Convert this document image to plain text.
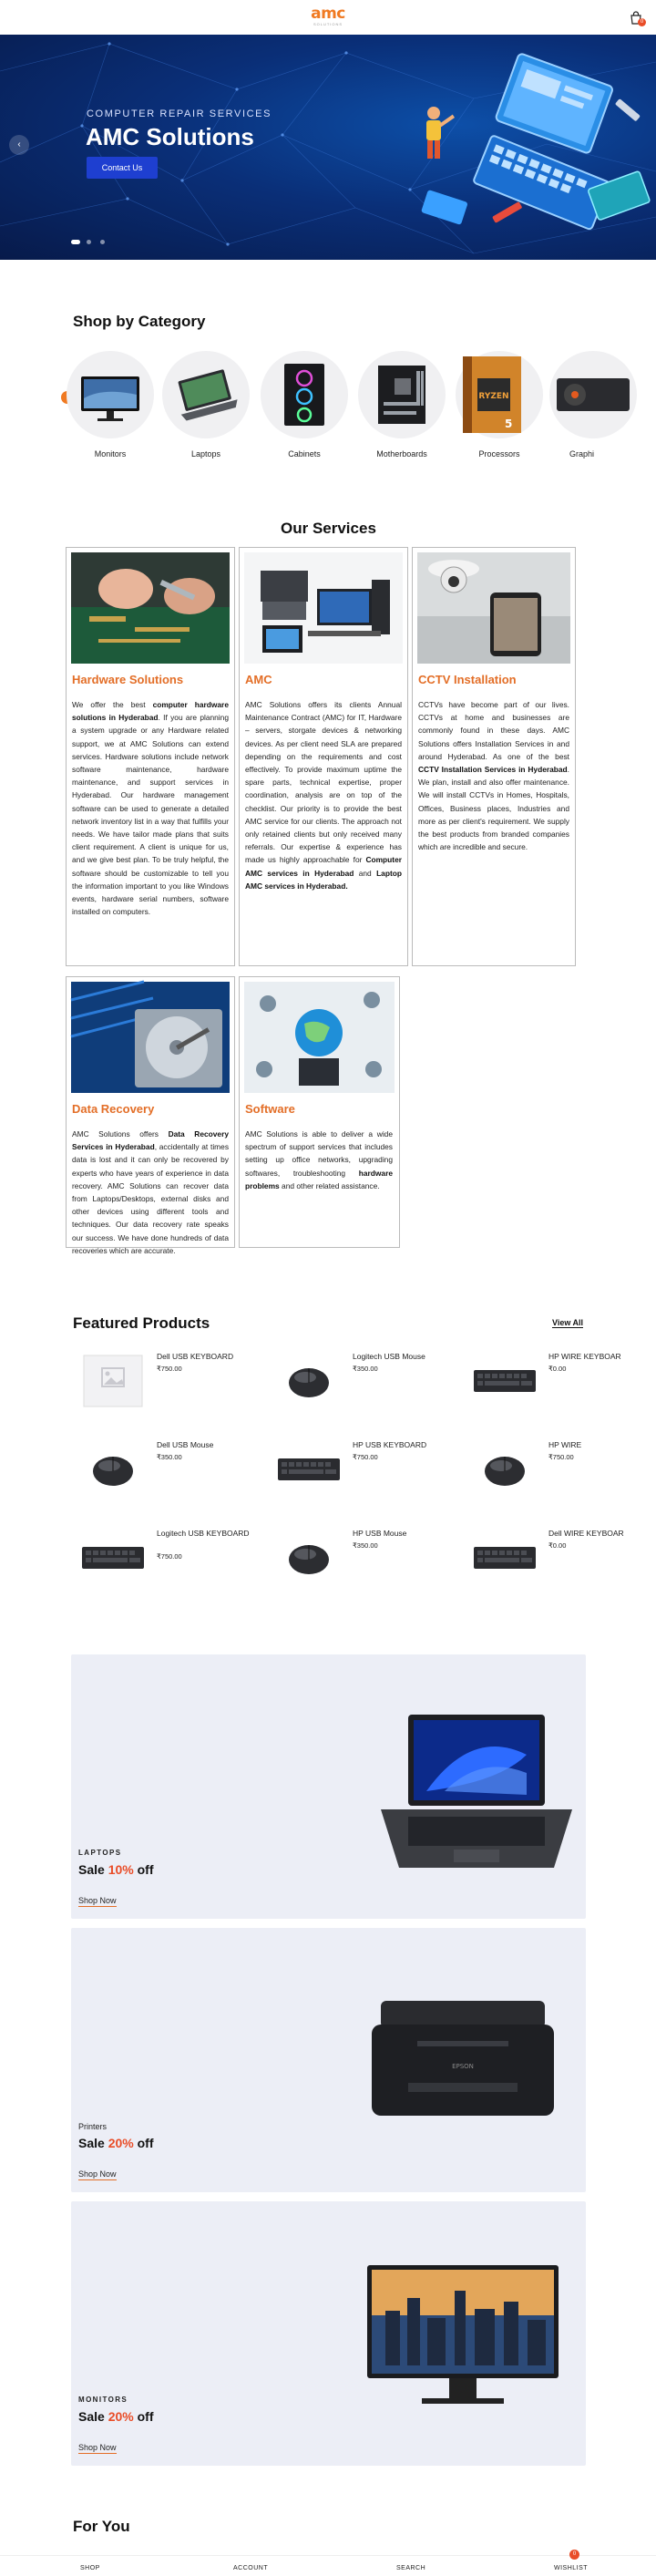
amc
SOLUTIONS	0
‹
COMPUTER REPAIR SERVICES
AMC Solutions
Contact Us
Shop by Category
Monitors	Laptops	Cabinets	Motherboards
RYZEN
5
Processors	Graphi
Our Services
Hardware Solutions
We offer the best computer hardware solutions in Hyderabad. If you are planning a system upgrade or any Hardware related support, we at AMC Solutions can extend services. Hardware solutions include network software maintenance, hardware maintenance, and support services in Hyderabad. Our hardware management software can be used to generate a detailed network inventory list in a way that fulfills your needs. We have tailor made plans that suits client requirement. A client is unique for us, and we give best plan. To be truly helpful, the software should be customizable to tell you the information important to you like Windows events, hardware serial numbers, software installed on computers.
AMC
AMC Solutions offers its clients Annual Maintenance Contract (AMC) for IT, Hardware – servers, storgate devices & networking devices. As per client need SLA are prepared depending on the requirements and cost effectively. To provide maximum uptime the spare parts, technical expertise, proper coordination, analysis are on top of the checklist. Our priority is to provide the best AMC service for our clients. The approach not only retained clients but only received many referrals. Our expertise & experience has made us highly approachable for Computer AMC services in Hyderabad and Laptop AMC services in Hyderabad.
CCTV Installation
CCTVs have become part of our lives. CCTVs at home and businesses are commonly found in these days. AMC Solutions offers Installation Services in and around Hyderabad. As one of the best CCTV Installation Services in Hyderabad. We plan, install and also offer maintenance. We will install CCTVs in Homes, Hospitals, Offices, Business places, Industries and more as per client's requirement. We supply the best products from branded companies which are incredible and secure.
Data Recovery
AMC Solutions offers Data Recovery Services in Hyderabad, accidentally at times data is lost and it can only be recovered by experts who have years of experience in data recovery. AMC Solutions can recover data from Laptops/Desktops, external disks and other devices using different tools and techniques. Our data recovery rate speaks our success. We have done hundreds of data recoveries which are accurate.
Software
AMC Solutions is able to deliver a wide spectrum of support services that includes setting up office networks, upgrading softwares, troubleshooting hardware problems and other related assistance.
Featured Products	View All
Dell USB KEYBOARD
₹750.00
Logitech USB Mouse
₹350.00
HP WIRE KEYBOAR
₹0.00
Dell USB Mouse
₹350.00
HP USB KEYBOARD
₹750.00
HP WIRE
₹750.00
Logitech USB KEYBOARD
₹750.00
HP USB Mouse
₹350.00
Dell WIRE KEYBOAR
₹0.00
LAPTOPS
Sale 10% off
Shop Now
EPSON
Printers
Sale 20% off
Shop Now
MONITORS
Sale 20% off
Shop Now
For You
SHOP	ACCOUNT	SEARCH	WISHLIST
0
